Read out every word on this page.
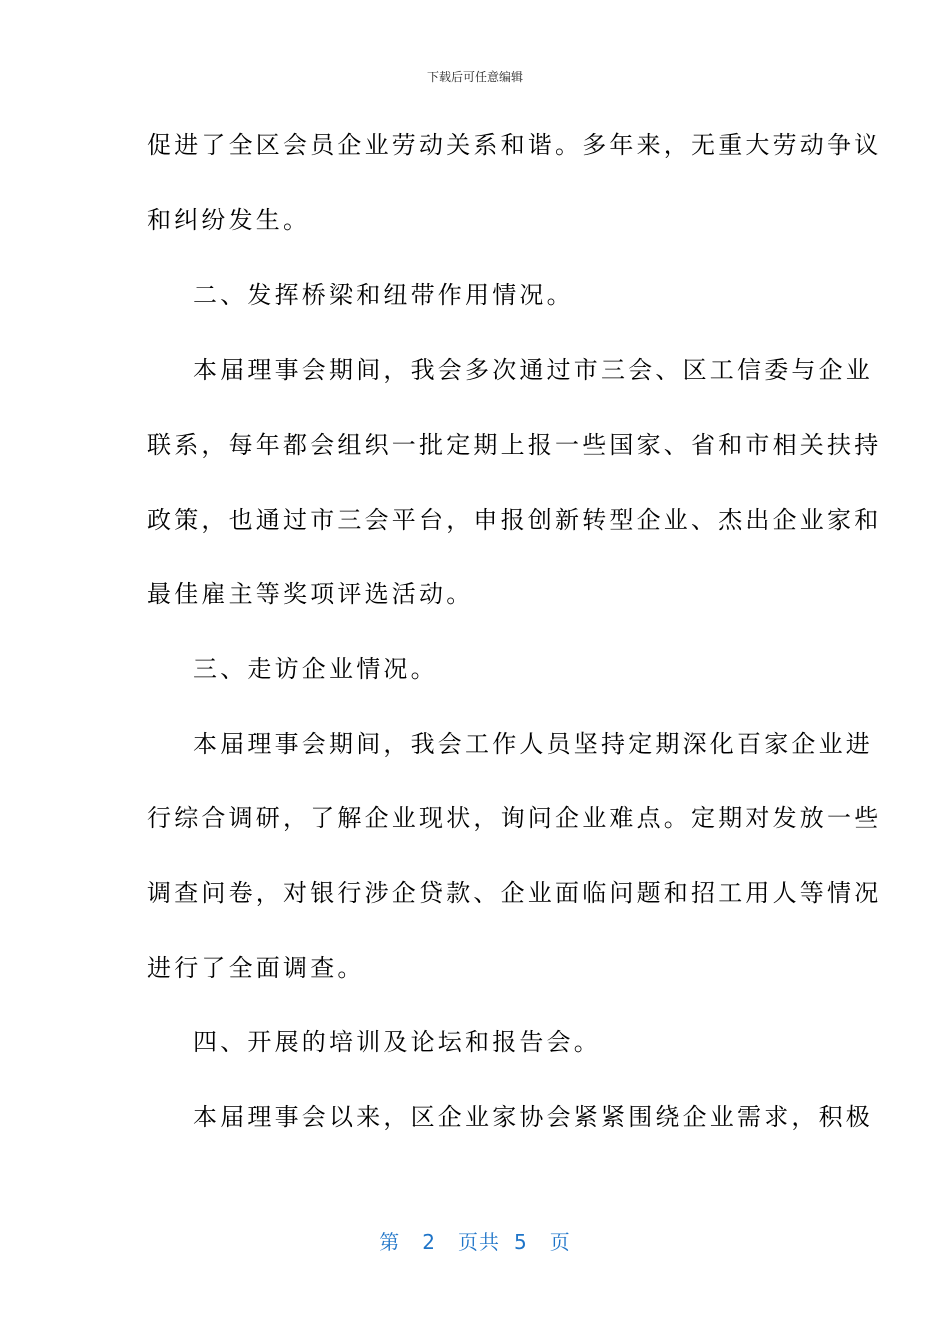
下载后可任意编辑
促进了全区会员企业劳动关系和谐。多年来，无重大劳动争议
和纠纷发生。
二、发挥桥梁和纽带作用情况。
本届理事会期间，我会多次通过市三会、区工信委与企业
联系，每年都会组织一批定期上报一些国家、省和市相关扶持
政策，也通过市三会平台，申报创新转型企业、杰出企业家和
最佳雇主等奖项评选活动。
三、走访企业情况。
本届理事会期间，我会工作人员坚持定期深化百家企业进
行综合调研，了解企业现状，询问企业难点。定期对发放一些
调查问卷，对银行涉企贷款、企业面临问题和招工用人等情况
进行了全面调查。
四、开展的培训及论坛和报告会。
本届理事会以来，区企业家协会紧紧围绕企业需求，积极
第 2 页共 5 页
